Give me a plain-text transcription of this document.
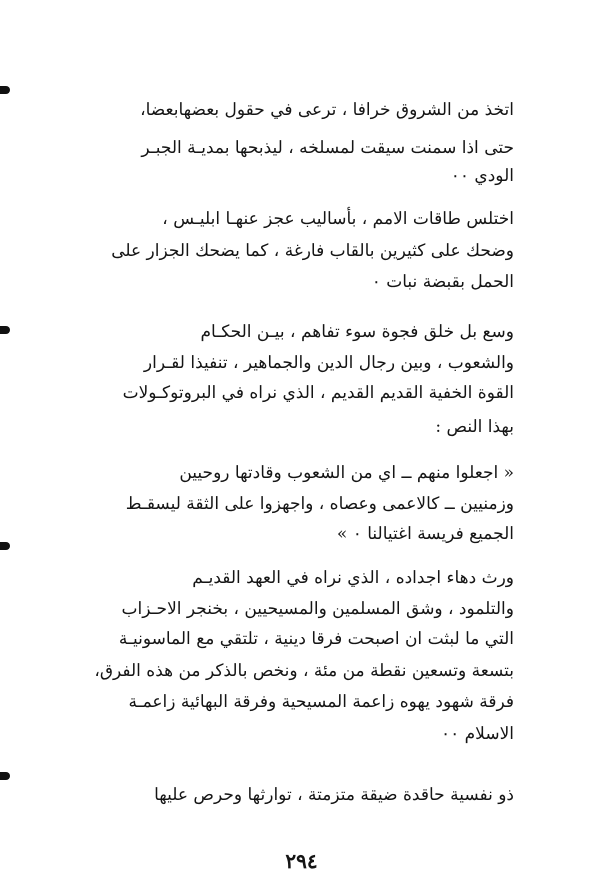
اتخذ من الشروق خرافا ، ترعى في حقول بعضهابعضا،
حتى اذا سمنت سيقت لمسلخه ، ليذبحها بمديـة الجبـر
الودي ٠٠
اختلس طاقات الامم ، بأساليب عجز عنهـا ابليـس ،
وضحك على كثيرين بالقاب فارغة ، كما يضحك الجزار على
الحمل بقبضة نبات ٠
وسع بل خلق فجوة سوء تفاهم ، بيـن الحكـام
والشعوب ، وبين رجال الدين والجماهير ، تنفيذا لقـرار
القوة الخفية القديم القديم ، الذي نراه في البروتوكـولات
بهذا النص :
« اجعلوا منهم ــ اي من الشعوب وقادتها روحيين
وزمنيين ــ كالاعمى وعصاه ، واجهزوا على الثقة ليسقـط
الجميع فريسة اغتيالنا ٠ »
ورث دهاء اجداده ، الذي نراه في العهد القديـم
والتلمود ، وشق المسلمين والمسيحيين ، بخنجر الاحـزاب
التي ما لبثت ان اصبحت فرقا دينية ، تلتقي مع الماسونيـة
بتسعة وتسعين نقطة من مئة ، ونخص بالذكر من هذه الفرق،
فرقة شهود يهوه زاعمة المسيحية وفرقة البهائية زاعمـة
الاسلام ٠٠
ذو نفسية حاقدة ضيقة متزمتة ، توارثها وحرص عليها
٢٩٤
